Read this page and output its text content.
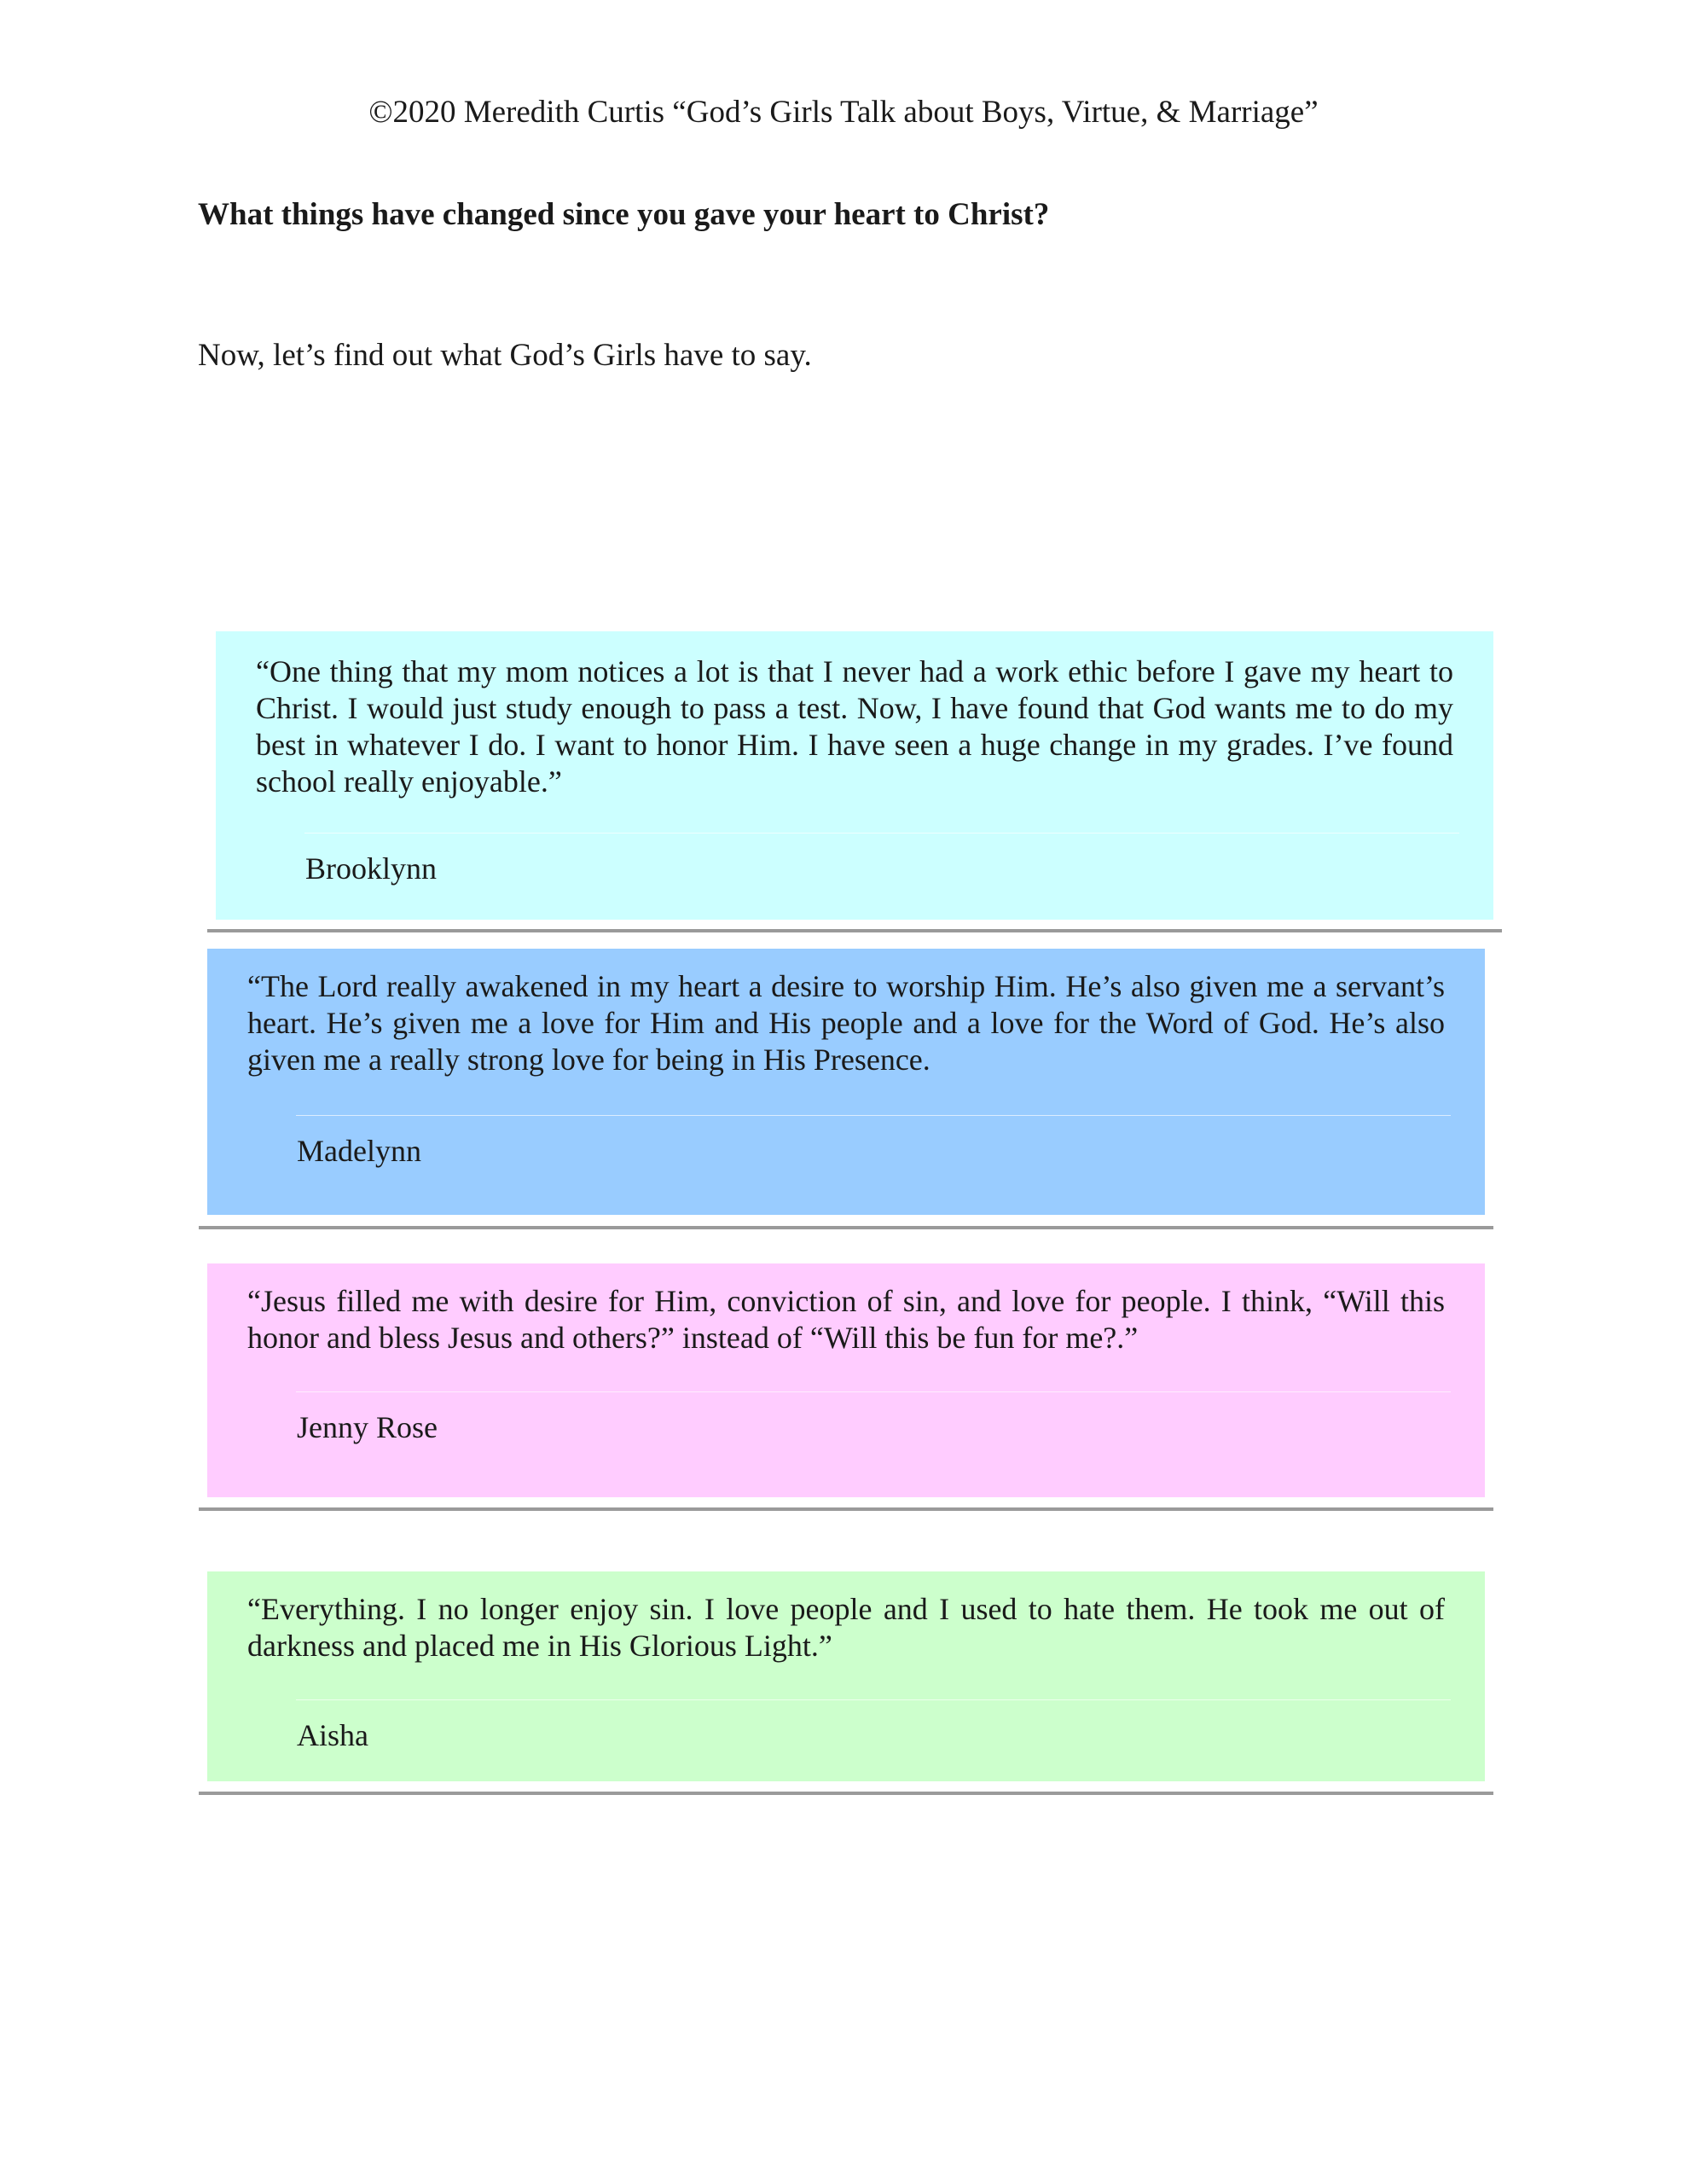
©2020 Meredith Curtis “God’s Girls Talk about Boys, Virtue, & Marriage”
What things have changed since you gave your heart to Christ?
Now, let’s find out what God’s Girls have to say.
“One thing that my mom notices a lot is that I never had a work ethic before I gave my heart to Christ. I would just study enough to pass a test. Now, I have found that God wants me to do my best in whatever I do. I want to honor Him. I have seen a huge change in my grades. I’ve found school really enjoyable.”
Brooklynn
“The Lord really awakened in my heart a desire to worship Him. He’s also given me a servant’s heart. He’s given me a love for Him and His people and a love for the Word of God. He’s also given me a really strong love for being in His Presence.
Madelynn
“Jesus filled me with desire for Him, conviction of sin, and love for people. I think, “Will this honor and bless Jesus and others?” instead of “Will this be fun for me?.”
Jenny Rose
“Everything. I no longer enjoy sin. I love people and I used to hate them. He took me out of darkness and placed me in His Glorious Light.”
Aisha
